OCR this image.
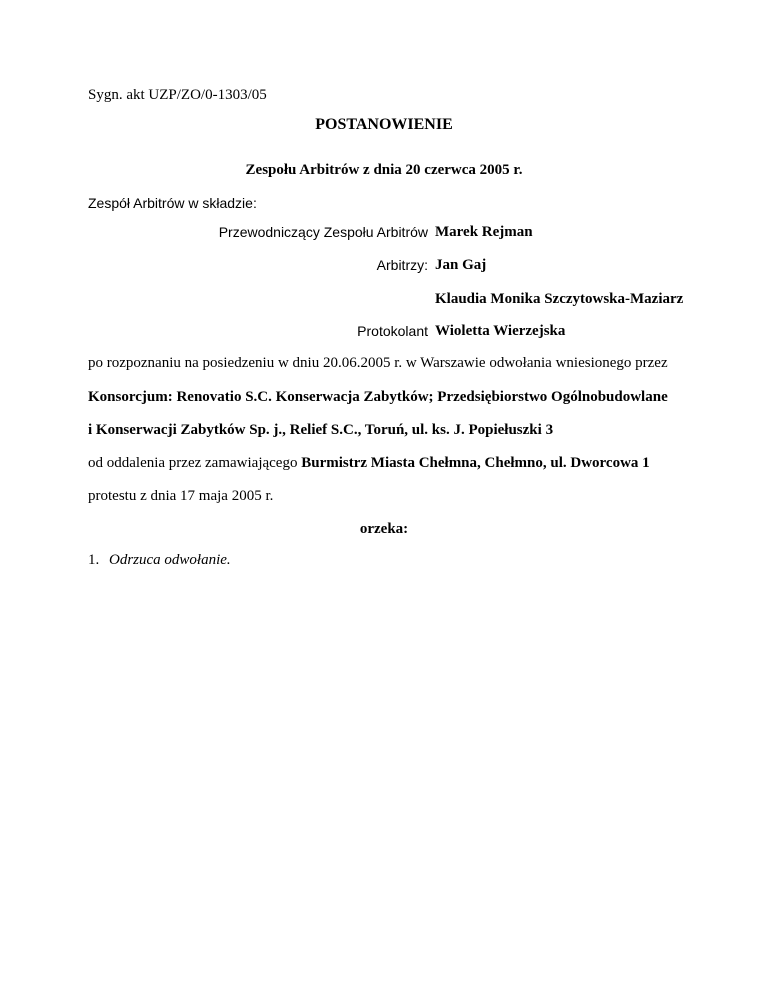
Sygn. akt UZP/ZO/0-1303/05
POSTANOWIENIE
Zespołu Arbitrów z dnia 20 czerwca 2005 r.
Zespół Arbitrów w składzie:
Przewodniczący Zespołu Arbitrów Marek Rejman
Arbitrzy: Jan Gaj
Klaudia Monika Szczytowska-Maziarz
Protokolant Wioletta Wierzejska
po rozpoznaniu na posiedzeniu w dniu 20.06.2005 r. w Warszawie odwołania wniesionego przez
Konsorcjum: Renovatio S.C. Konserwacja Zabytków; Przedsiębiorstwo Ogólnobudowlane
i Konserwacji Zabytków Sp. j., Relief S.C., Toruń, ul. ks. J. Popiełuszki 3
od oddalenia przez zamawiającego Burmistrz Miasta Chełmna, Chełmno, ul. Dworcowa 1
protestu z dnia 17 maja 2005 r.
orzeka:
1. Odrzuca odwołanie.
